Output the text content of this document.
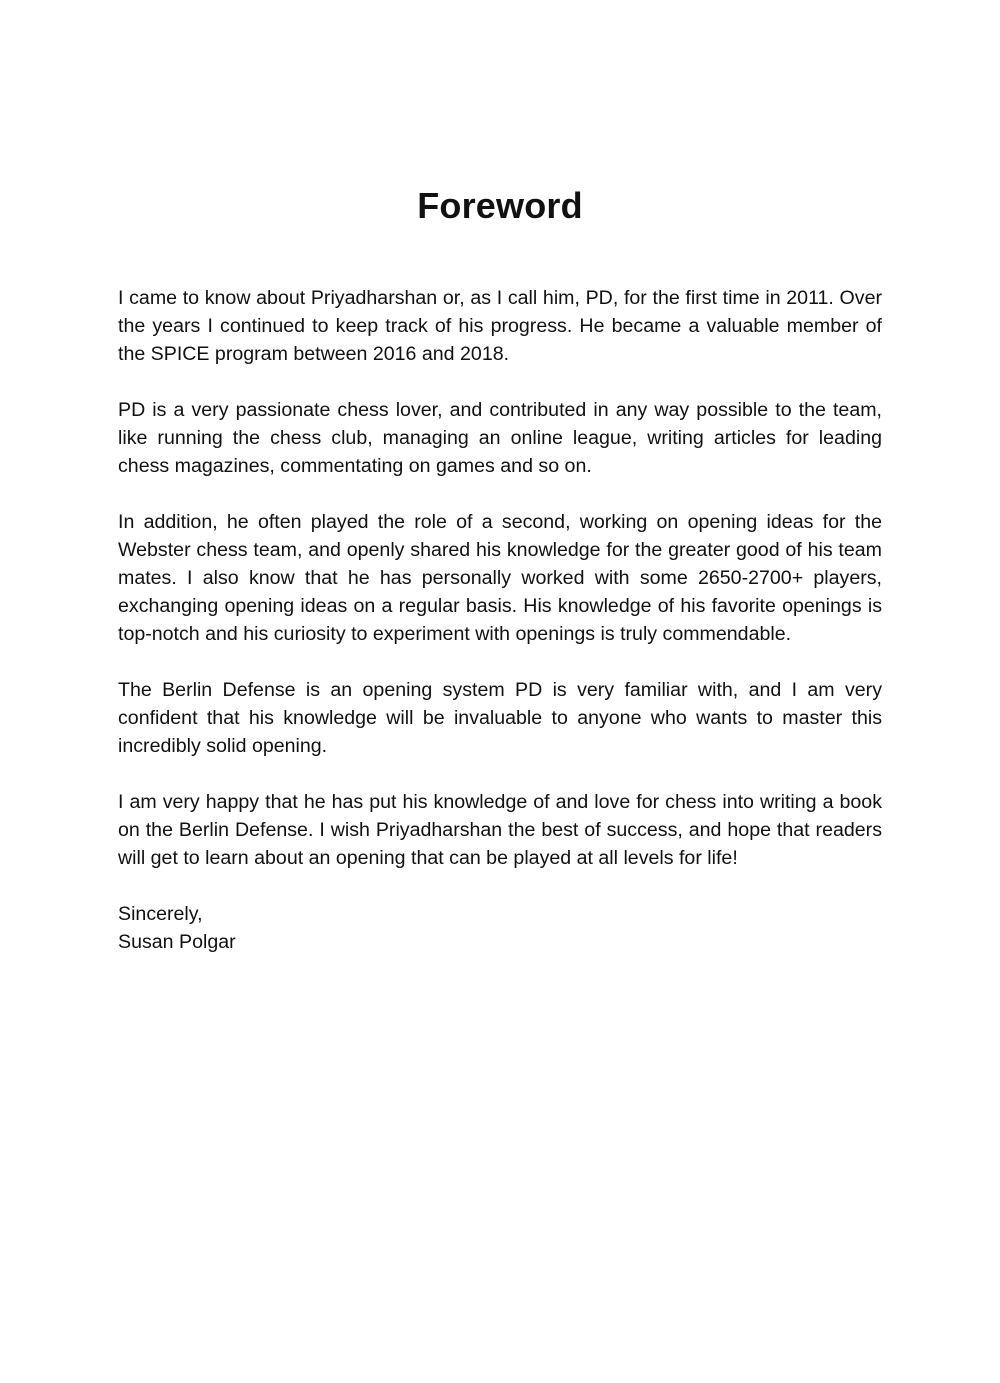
Foreword

I came to know about Priyadharshan or, as I call him, PD, for the first time in 2011. Over the years I continued to keep track of his progress. He became a valuable member of the SPICE program between 2016 and 2018.

PD is a very passionate chess lover, and contributed in any way possible to the team, like running the chess club, managing an online league, writing articles for leading chess magazines, commentating on games and so on.

In addition, he often played the role of a second, working on opening ideas for the Webster chess team, and openly shared his knowledge for the greater good of his team mates. I also know that he has personally worked with some 2650-2700+ players, exchanging opening ideas on a regular basis. His knowledge of his favorite openings is top-notch and his curiosity to experiment with openings is truly commendable.

The Berlin Defense is an opening system PD is very familiar with, and I am very confident that his knowledge will be invaluable to anyone who wants to master this incredibly solid opening.

I am very happy that he has put his knowledge of and love for chess into writing a book on the Berlin Defense. I wish Priyadharshan the best of success, and hope that readers will get to learn about an opening that can be played at all levels for life!

Sincerely,
Susan Polgar
